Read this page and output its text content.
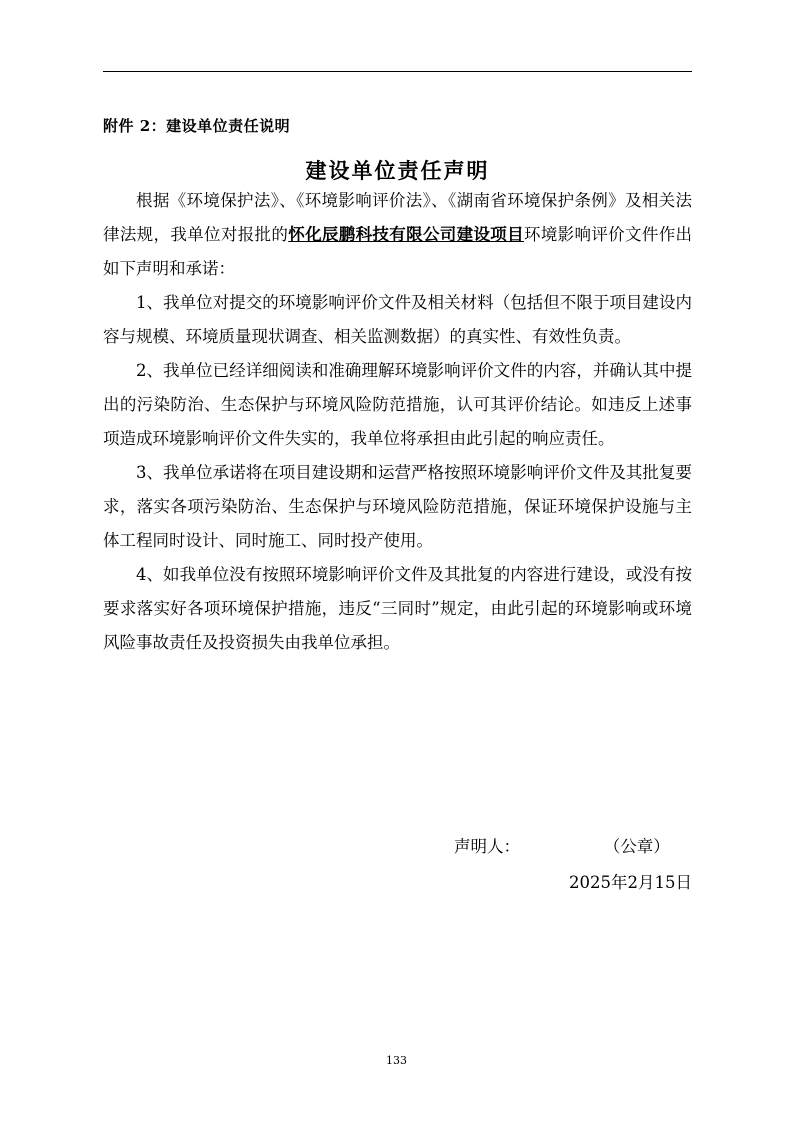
附件 2：建设单位责任说明
建设单位责任声明

根据《环境保护法》、《环境影响评价法》、《湖南省环境保护条例》及相关法律法规，我单位对报批的怀化辰鹏科技有限公司建设项目环境影响评价文件作出如下声明和承诺：

1、我单位对提交的环境影响评价文件及相关材料（包括但不限于项目建设内容与规模、环境质量现状调查、相关监测数据）的真实性、有效性负责。

2、我单位已经详细阅读和准确理解环境影响评价文件的内容，并确认其中提出的污染防治、生态保护与环境风险防范措施，认可其评价结论。如违反上述事项造成环境影响评价文件失实的，我单位将承担由此引起的响应责任。

3、我单位承诺将在项目建设期和运营严格按照环境影响评价文件及其批复要求，落实各项污染防治、生态保护与环境风险防范措施，保证环境保护设施与主体工程同时设计、同时施工、同时投产使用。

4、如我单位没有按照环境影响评价文件及其批复的内容进行建设，或没有按要求落实好各项环境保护措施，违反“三同时”规定，由此引起的环境影响或环境风险事故责任及投资损失由我单位承担。

声明人：	（公章）
2025年2月15日
133
